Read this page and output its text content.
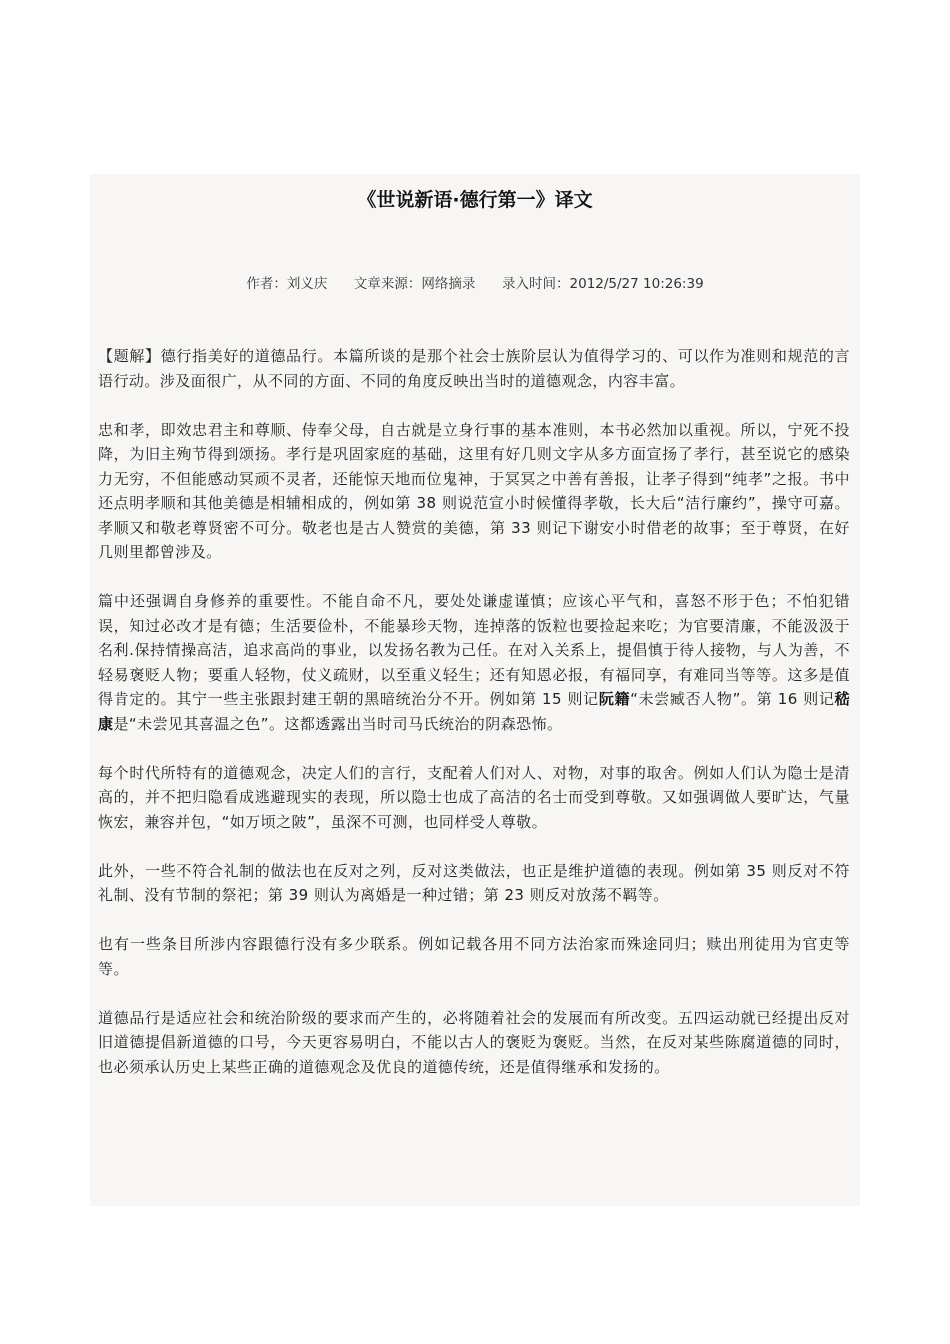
《世说新语·德行第一》译文
作者：刘义庆 文章来源：网络摘录 录入时间：2012/5/27 10:26:39

【题解】德行指美好的道德品行。本篇所谈的是那个社会士族阶层认为值得学习的、可以作为准则和规范的言语行动。涉及面很广，从不同的方面、不同的角度反映出当时的道德观念，内容丰富。

忠和孝，即效忠君主和尊顺、侍奉父母，自古就是立身行事的基本准则，本书必然加以重视。所以，宁死不投降，为旧主殉节得到颂扬。孝行是巩固家庭的基础，这里有好几则文字从多方面宣扬了孝行，甚至说它的感染力无穷，不但能感动冥顽不灵者，还能惊天地而位鬼神，于冥冥之中善有善报，让孝子得到“纯孝”之报。书中还点明孝顺和其他美德是相辅相成的，例如第 38 则说范宣小时候懂得孝敬，长大后“洁行廉约”，操守可嘉。孝顺又和敬老尊贤密不可分。敬老也是古人赞赏的美德，第 33 则记下谢安小时借老的故事；至于尊贤，在好几则里都曾涉及。

篇中还强调自身修养的重要性。不能自命不凡，要处处谦虚谨慎；应该心平气和，喜怒不形于色；不怕犯错误，知过必改才是有德；生活要俭朴，不能暴珍天物，连掉落的饭粒也要捡起来吃；为官要清廉，不能汲汲于名利.保持情操高洁，追求高尚的事业，以发扬名教为己任。在对入关系上，提倡慎于待人接物，与人为善，不轻易褒贬人物；要重人轻物，仗义疏财，以至重义轻生；还有知恩必报，有福同享，有难同当等等。这多是值得肯定的。其宁一些主张跟封建王朝的黑暗统治分不开。例如第 15 则记阮籍“未尝臧否人物”。第 16 则记嵇康是“未尝见其喜温之色”。这都透露出当时司马氏统治的阴森恐怖。

每个时代所特有的道德观念，决定人们的言行，支配着人们对人、对物，对事的取舍。例如人们认为隐士是清高的，并不把归隐看成逃避现实的表现，所以隐士也成了高洁的名士而受到尊敬。又如强调做人要旷达，气量恢宏，兼容并包，“如万顷之陂”，虽深不可测，也同样受人尊敬。

此外，一些不符合礼制的做法也在反对之列，反对这类做法，也正是维护道德的表现。例如第 35 则反对不符礼制、没有节制的祭祀；第 39 则认为离婚是一种过错；第 23 则反对放荡不羁等。

也有一些条目所涉内容跟德行没有多少联系。例如记载各用不同方法治家而殊途同归；赎出刑徒用为官吏等等。

道德品行是适应社会和统治阶级的要求而产生的，必将随着社会的发展而有所改变。五四运动就已经提出反对旧道德提倡新道德的口号，今天更容易明白，不能以古人的褒贬为褒贬。当然，在反对某些陈腐道德的同时，也必须承认历史上某些正确的道德观念及优良的道德传统，还是值得继承和发扬的。
